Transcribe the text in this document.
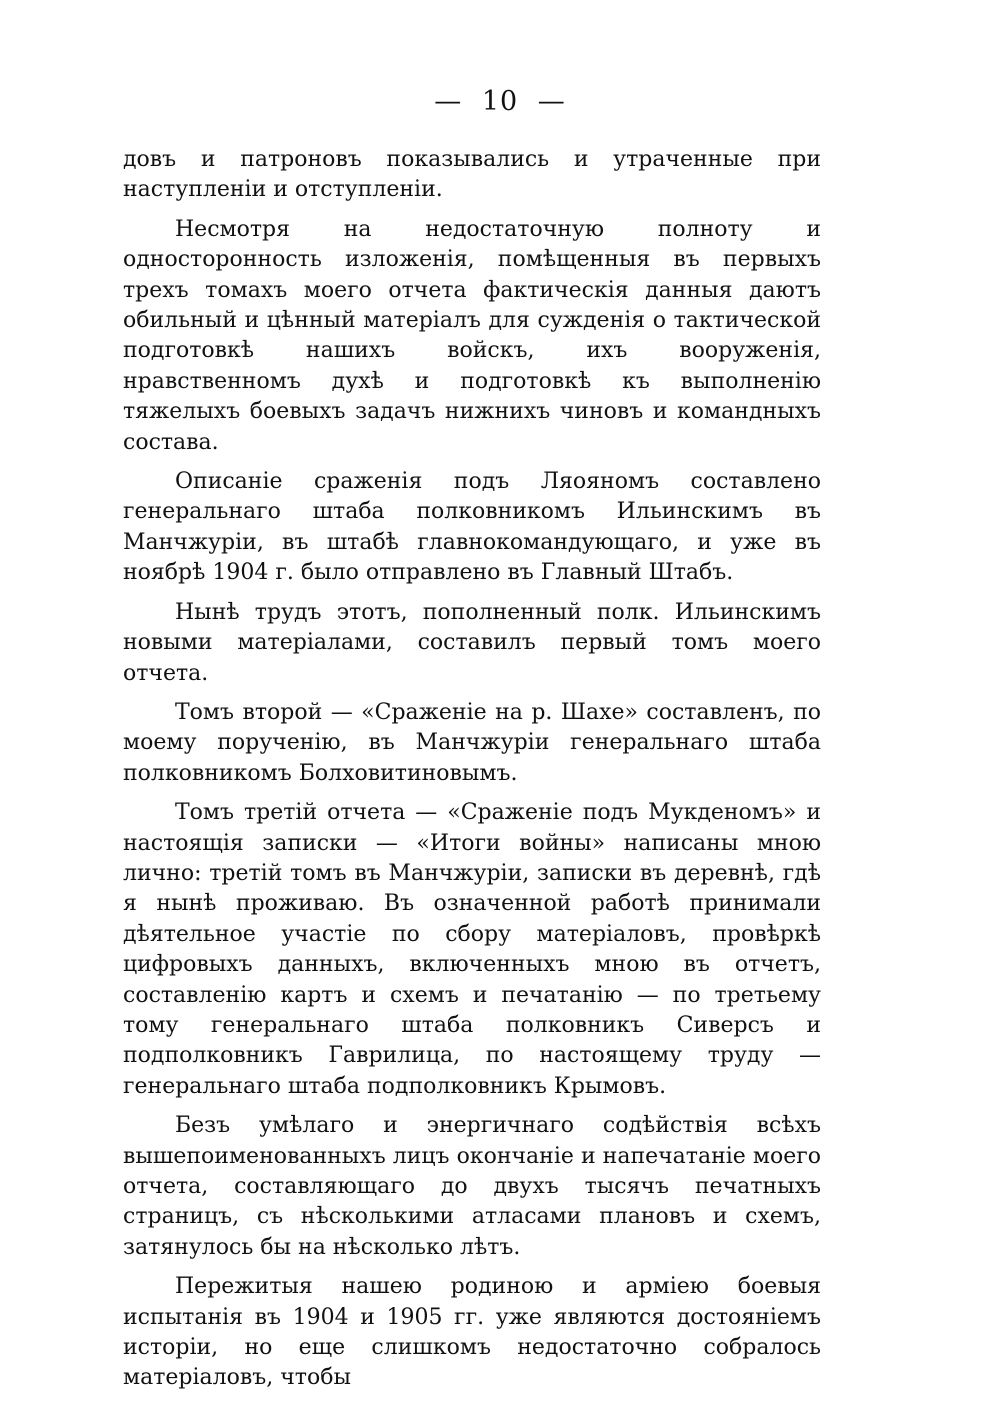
— 10 —

довъ и патроновъ показывались и утраченные при наступленіи и отступленіи.

Несмотря на недостаточную полноту и односторонность изложенія, помѣщенныя въ первыхъ трехъ томахъ моего отчета фактическія данныя даютъ обильный и цѣнный матеріалъ для сужденія о тактической подготовкѣ нашихъ войскъ, ихъ вооруженія, нравственномъ духѣ и подготовкѣ къ выполненію тяжелыхъ боевыхъ задачъ нижнихъ чиновъ и командныхъ состава.

Описаніе сраженія подъ Ляояномъ составлено генеральнаго штаба полковникомъ Ильинскимъ въ Манчжуріи, въ штабѣ главнокомандующаго, и уже въ ноябрѣ 1904 г. было отправлено въ Главный Штабъ.

Нынѣ трудъ этотъ, пополненный полк. Ильинскимъ новыми матеріалами, составилъ первый томъ моего отчета.

Томъ второй — «Сраженіе на р. Шахе» составленъ, по моему порученію, въ Манчжуріи генеральнаго штаба полковникомъ Болховитиновымъ.

Томъ третій отчета — «Сраженіе подъ Мукденомъ» и настоящія записки — «Итоги войны» написаны мною лично: третій томъ въ Манчжуріи, записки въ деревнѣ, гдѣ я нынѣ проживаю. Въ означенной работѣ принимали дѣятельное участіе по сбору матеріаловъ, провѣркѣ цифровыхъ данныхъ, включенныхъ мною въ отчетъ, составленію картъ и схемъ и печатанію — по третьему тому генеральнаго штаба полковникъ Сиверсъ и подполковникъ Гаврилица, по настоящему труду — генеральнаго штаба подполковникъ Крымовъ.

Безъ умѣлаго и энергичнаго содѣйствія всѣхъ вышепоименованныхъ лицъ окончаніе и напечатаніе моего отчета, составляющаго до двухъ тысячъ печатныхъ страницъ, съ нѣсколькими атласами плановъ и схемъ, затянулось бы на нѣсколько лѣтъ.

Пережитыя нашею родиною и арміею боевыя испытанія въ 1904 и 1905 гг. уже являются достояніемъ исторіи, но еще слишкомъ недостаточно собралось матеріаловъ, чтобы
